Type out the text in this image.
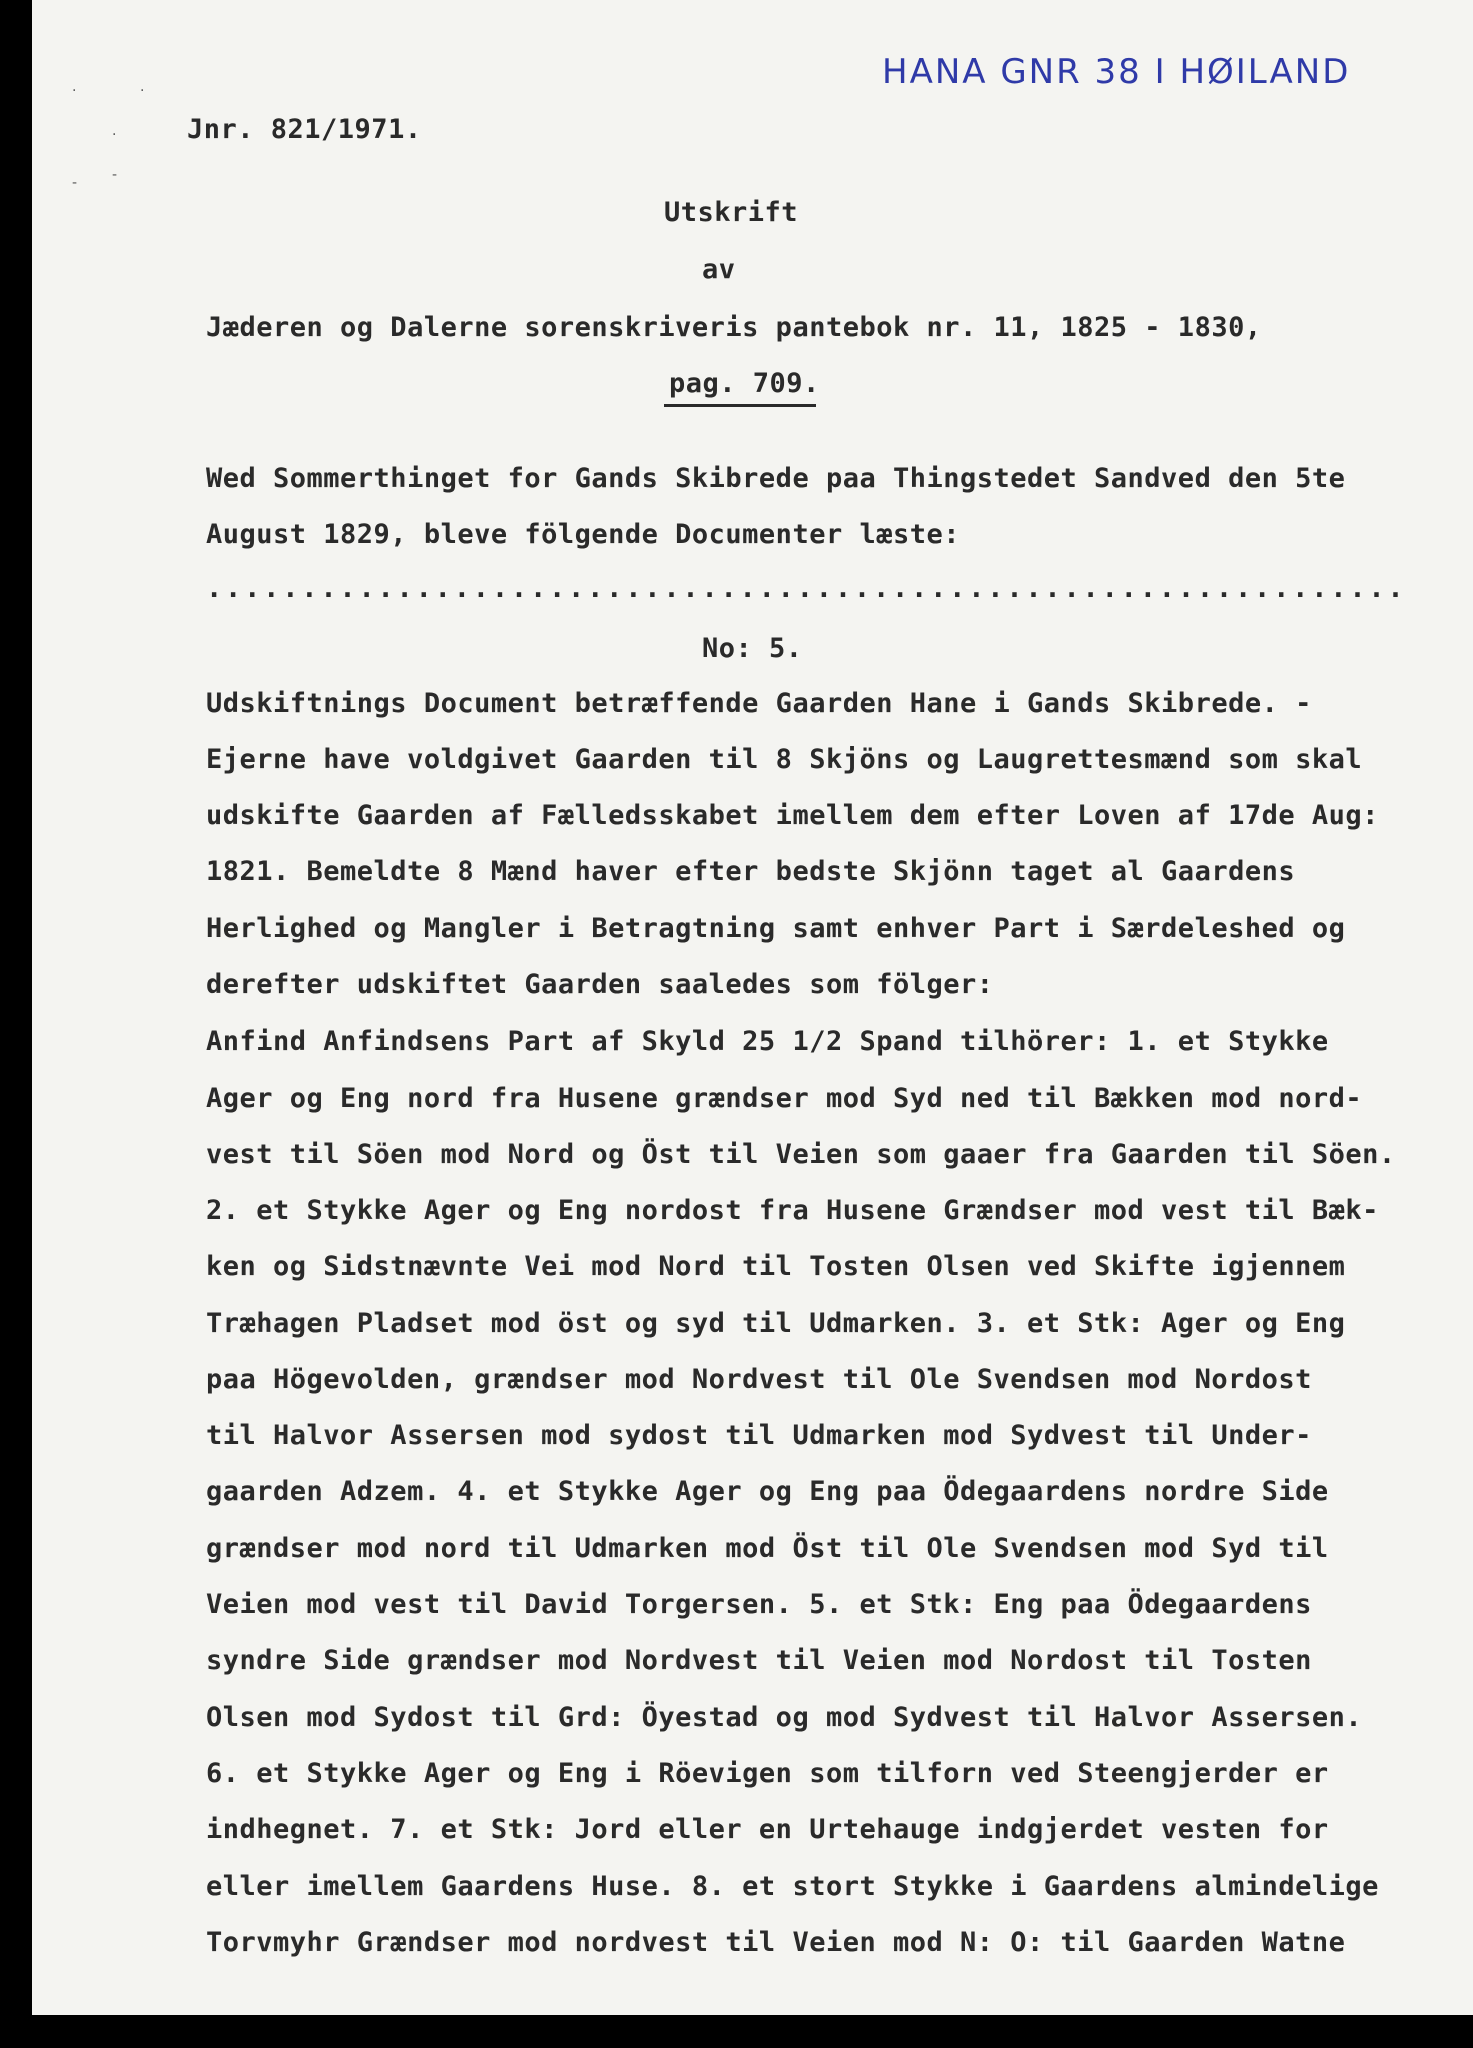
HANA GNR 38 I HØILAND
.	.
.
-
-
Jnr. 821/1971.
Utskrift
av
Jæderen og Dalerne sorenskriveris pantebok nr. 11, 1825 - 1830,
pag. 709.
Wed Sommerthinget for Gands Skibrede paa Thingstedet Sandved den 5te
August 1829, bleve fölgende Documenter læste:
...............................................................
No: 5.
Udskiftnings Document betræffende Gaarden Hane i Gands Skibrede. -
Ejerne have voldgivet Gaarden til 8 Skjöns og Laugrettesmænd som skal
udskifte Gaarden af Fælledsskabet imellem dem efter Loven af 17de Aug:
1821. Bemeldte 8 Mænd haver efter bedste Skjönn taget al Gaardens
Herlighed og Mangler i Betragtning samt enhver Part i Særdeleshed og
derefter udskiftet Gaarden saaledes som fölger:
Anfind Anfindsens Part af Skyld 25 1/2 Spand tilhörer: 1. et Stykke
Ager og Eng nord fra Husene grændser mod Syd ned til Bækken mod nord-
vest til Söen mod Nord og Öst til Veien som gaaer fra Gaarden til Söen.
2. et Stykke Ager og Eng nordost fra Husene Grændser mod vest til Bæk-
ken og Sidstnævnte Vei mod Nord til Tosten Olsen ved Skifte igjennem
Træhagen Pladset mod öst og syd til Udmarken. 3. et Stk: Ager og Eng
paa Högevolden, grændser mod Nordvest til Ole Svendsen mod Nordost
til Halvor Assersen mod sydost til Udmarken mod Sydvest til Under-
gaarden Adzem. 4. et Stykke Ager og Eng paa Ödegaardens nordre Side
grændser mod nord til Udmarken mod Öst til Ole Svendsen mod Syd til
Veien mod vest til David Torgersen. 5. et Stk: Eng paa Ödegaardens
syndre Side grændser mod Nordvest til Veien mod Nordost til Tosten
Olsen mod Sydost til Grd: Öyestad og mod Sydvest til Halvor Assersen.
6. et Stykke Ager og Eng i Röevigen som tilforn ved Steengjerder er
indhegnet. 7. et Stk: Jord eller en Urtehauge indgjerdet vesten for
eller imellem Gaardens Huse. 8. et stort Stykke i Gaardens almindelige
Torvmyhr Grændser mod nordvest til Veien mod N: O: til Gaarden Watne
